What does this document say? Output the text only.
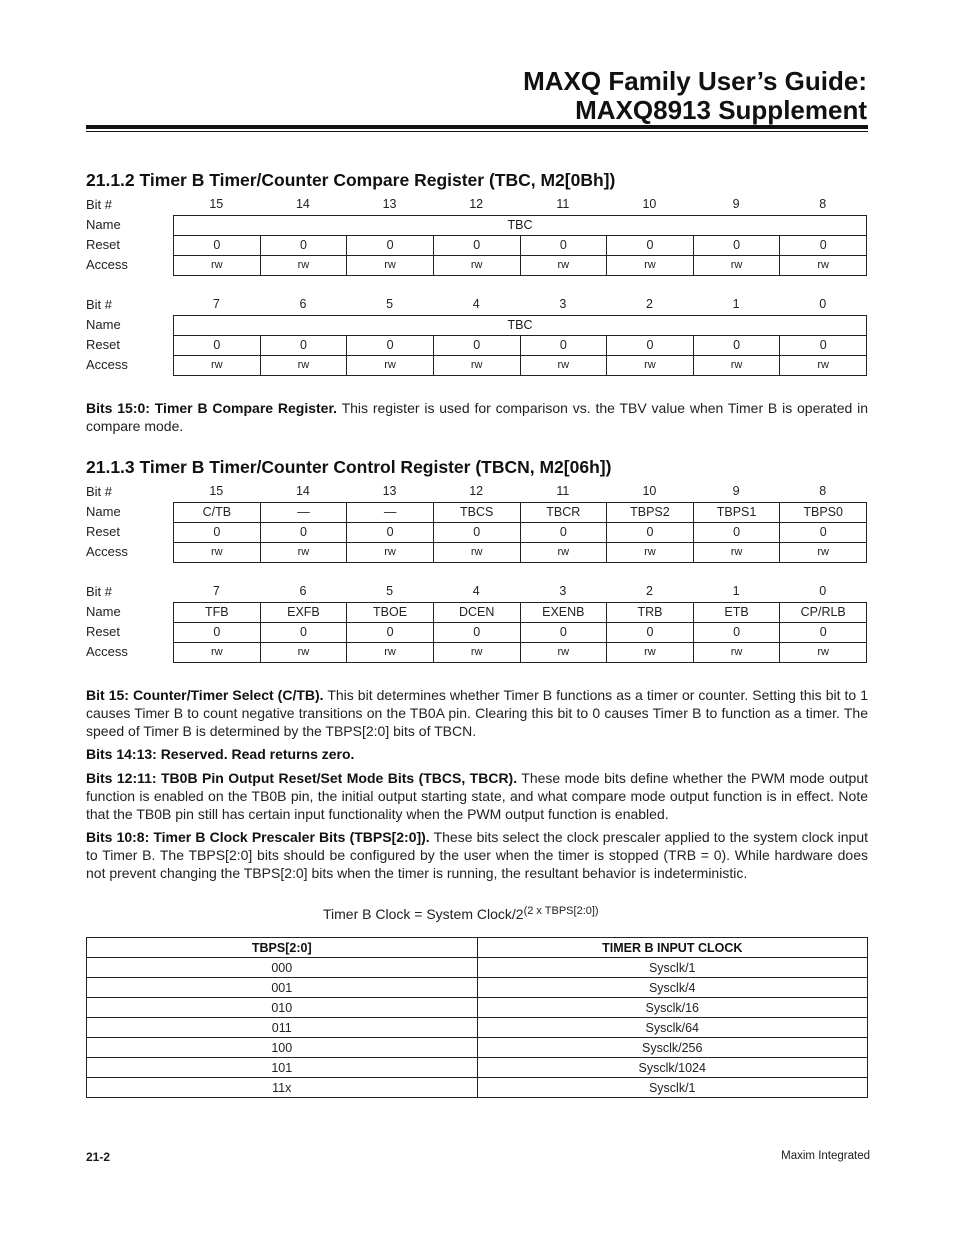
MAXQ Family User’s Guide:
MAXQ8913 Supplement
21.1.2 Timer B Timer/Counter Compare Register (TBC, M2[0Bh])
Bit #	15	14	13	12	11	10	9	8
Name	TBC
Reset	0	0	0	0	0	0	0	0
Access	rw	rw	rw	rw	rw	rw	rw	rw
Bit #	7	6	5	4	3	2	1	0
Name	TBC
Reset	0	0	0	0	0	0	0	0
Access	rw	rw	rw	rw	rw	rw	rw	rw
Bits 15:0: Timer B Compare Register. This register is used for comparison vs. the TBV value when Timer B is operated in compare mode.
21.1.3 Timer B Timer/Counter Control Register (TBCN, M2[06h])
Bit #	15	14	13	12	11	10	9	8
Name	C/TB	—	—	TBCS	TBCR	TBPS2	TBPS1	TBPS0
Reset	0	0	0	0	0	0	0	0
Access	rw	rw	rw	rw	rw	rw	rw	rw
Bit #	7	6	5	4	3	2	1	0
Name	TFB	EXFB	TBOE	DCEN	EXENB	TRB	ETB	CP/RLB
Reset	0	0	0	0	0	0	0	0
Access	rw	rw	rw	rw	rw	rw	rw	rw
Bit 15: Counter/Timer Select (C/TB). This bit determines whether Timer B functions as a timer or counter. Setting this bit to 1 causes Timer B to count negative transitions on the TB0A pin. Clearing this bit to 0 causes Timer B to function as a timer. The speed of Timer B is determined by the TBPS[2:0] bits of TBCN.
Bits 14:13: Reserved. Read returns zero.
Bits 12:11: TB0B Pin Output Reset/Set Mode Bits (TBCS, TBCR). These mode bits define whether the PWM mode output function is enabled on the TB0B pin, the initial output starting state, and what compare mode output function is in effect. Note that the TB0B pin still has certain input functionality when the PWM output function is enabled.
Bits 10:8: Timer B Clock Prescaler Bits (TBPS[2:0]). These bits select the clock prescaler applied to the system clock input to Timer B. The TBPS[2:0] bits should be configured by the user when the timer is stopped (TRB = 0). While hardware does not prevent changing the TBPS[2:0] bits when the timer is running, the resultant behavior is indeterministic.
Timer B Clock = System Clock/$2^{(2 x TBPS[2:0])}$
TBPS[2:0]	TIMER B INPUT CLOCK
000	Sysclk/1
001	Sysclk/4
010	Sysclk/16
011	Sysclk/64
100	Sysclk/256
101	Sysclk/1024
11x	Sysclk/1
21-2	Maxim Integrated
